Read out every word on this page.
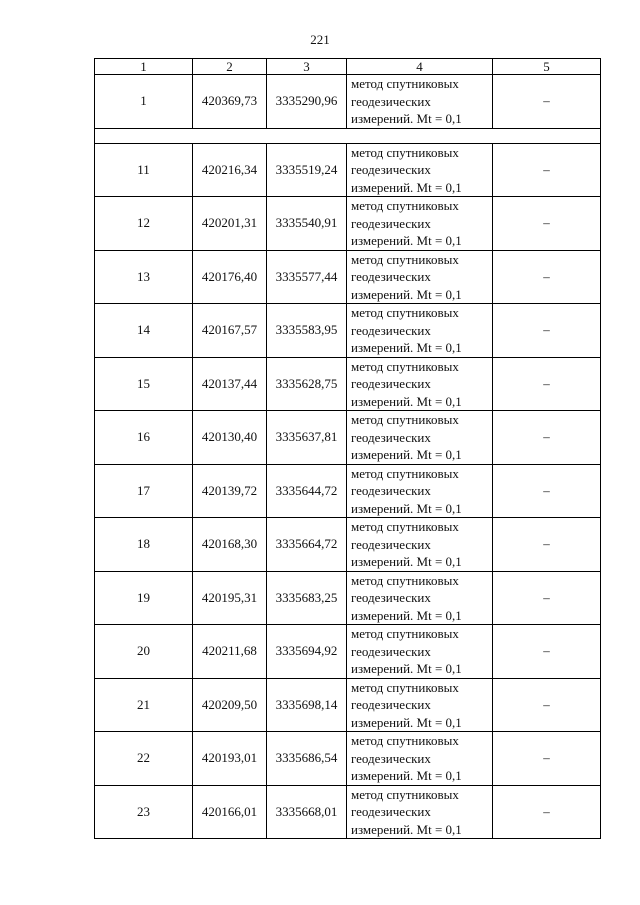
221
1	2	3	4	5
1	420369,73	3335290,96	метод спутниковых
геодезических
измерений. Mt = 0,1	–

11	420216,34	3335519,24	метод спутниковых
геодезических
измерений. Mt = 0,1	–
12	420201,31	3335540,91	метод спутниковых
геодезических
измерений. Mt = 0,1	–
13	420176,40	3335577,44	метод спутниковых
геодезических
измерений. Mt = 0,1	–
14	420167,57	3335583,95	метод спутниковых
геодезических
измерений. Mt = 0,1	–
15	420137,44	3335628,75	метод спутниковых
геодезических
измерений. Mt = 0,1	–
16	420130,40	3335637,81	метод спутниковых
геодезических
измерений. Mt = 0,1	–
17	420139,72	3335644,72	метод спутниковых
геодезических
измерений. Mt = 0,1	–
18	420168,30	3335664,72	метод спутниковых
геодезических
измерений. Mt = 0,1	–
19	420195,31	3335683,25	метод спутниковых
геодезических
измерений. Mt = 0,1	–
20	420211,68	3335694,92	метод спутниковых
геодезических
измерений. Mt = 0,1	–
21	420209,50	3335698,14	метод спутниковых
геодезических
измерений. Mt = 0,1	–
22	420193,01	3335686,54	метод спутниковых
геодезических
измерений. Mt = 0,1	–
23	420166,01	3335668,01	метод спутниковых
геодезических
измерений. Mt = 0,1	–
